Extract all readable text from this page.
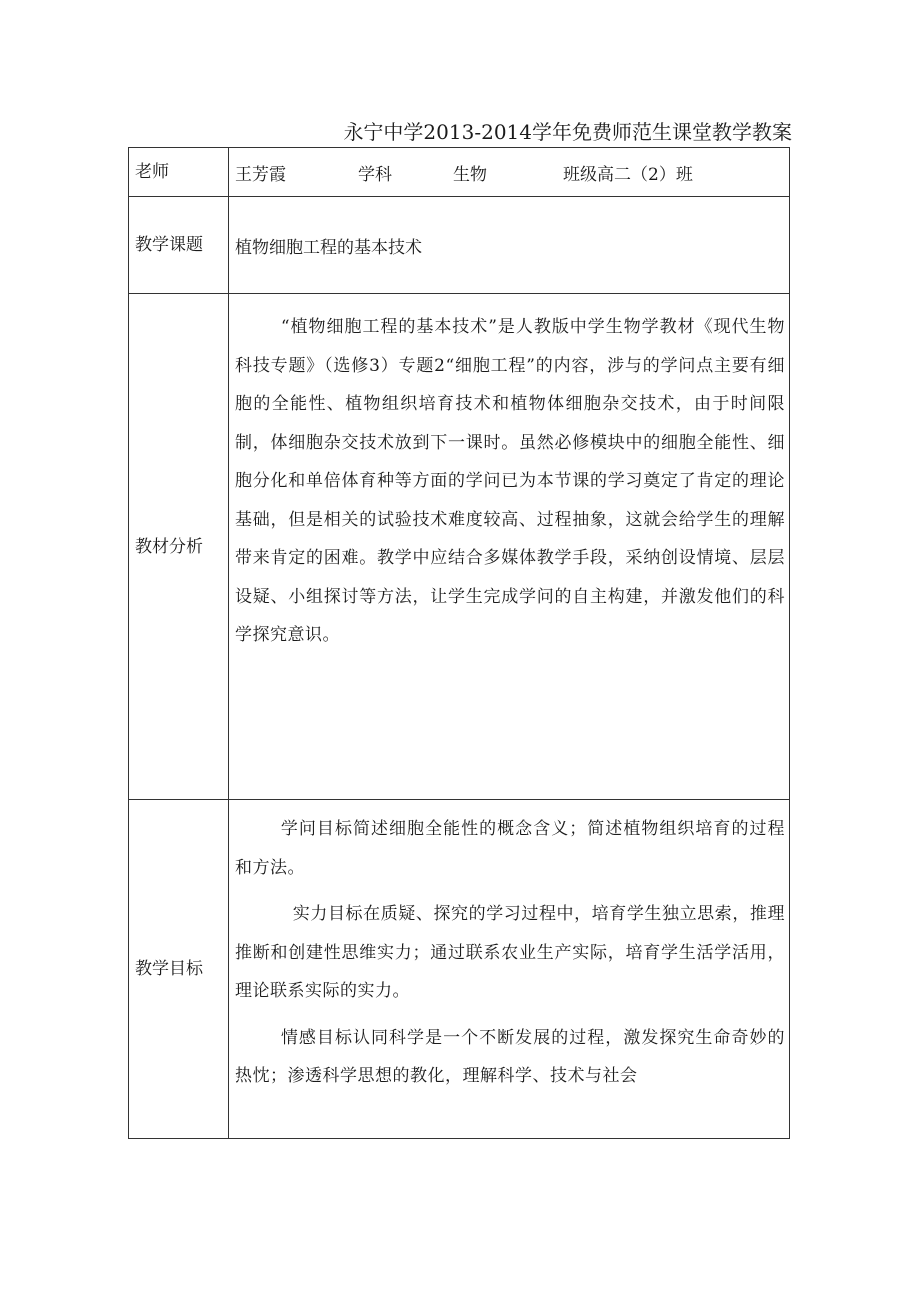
永宁中学2013-2014学年免费师范生课堂教学教案
老师	王芳霞 学科 生物 班级 高二（2）班

教学课题	植物细胞工程的基本技术
教材分析	“植物细胞工程的基本技术”是人教版中学生物学教材《现代生物科技专题》（选修3）专题2“细胞工程”的内容，涉与的学问点主要有细胞的全能性、植物组织培育技术和植物体细胞杂交技术，由于时间限制，体细胞杂交技术放到下一课时。虽然必修模块中的细胞全能性、细胞分化和单倍体育种等方面的学问已为本节课的学习奠定了肯定的理论基础，但是相关的试验技术难度较高、过程抽象，这就会给学生的理解带来肯定的困难。教学中应结合多媒体教学手段，采纳创设情境、层层设疑、小组探讨等方法，让学生完成学问的自主构建，并激发他们的科学探究意识。

教学目标	学问目标简述细胞全能性的概念含义；简述植物组织培育的过程和方法。

实力目标在质疑、探究的学习过程中，培育学生独立思索，推理推断和创建性思维实力；通过联系农业生产实际，培育学生活学活用，理论联系实际的实力。

情感目标认同科学是一个不断发展的过程，激发探究生命奇妙的热忱；渗透科学思想的教化，理解科学、技术与社会
